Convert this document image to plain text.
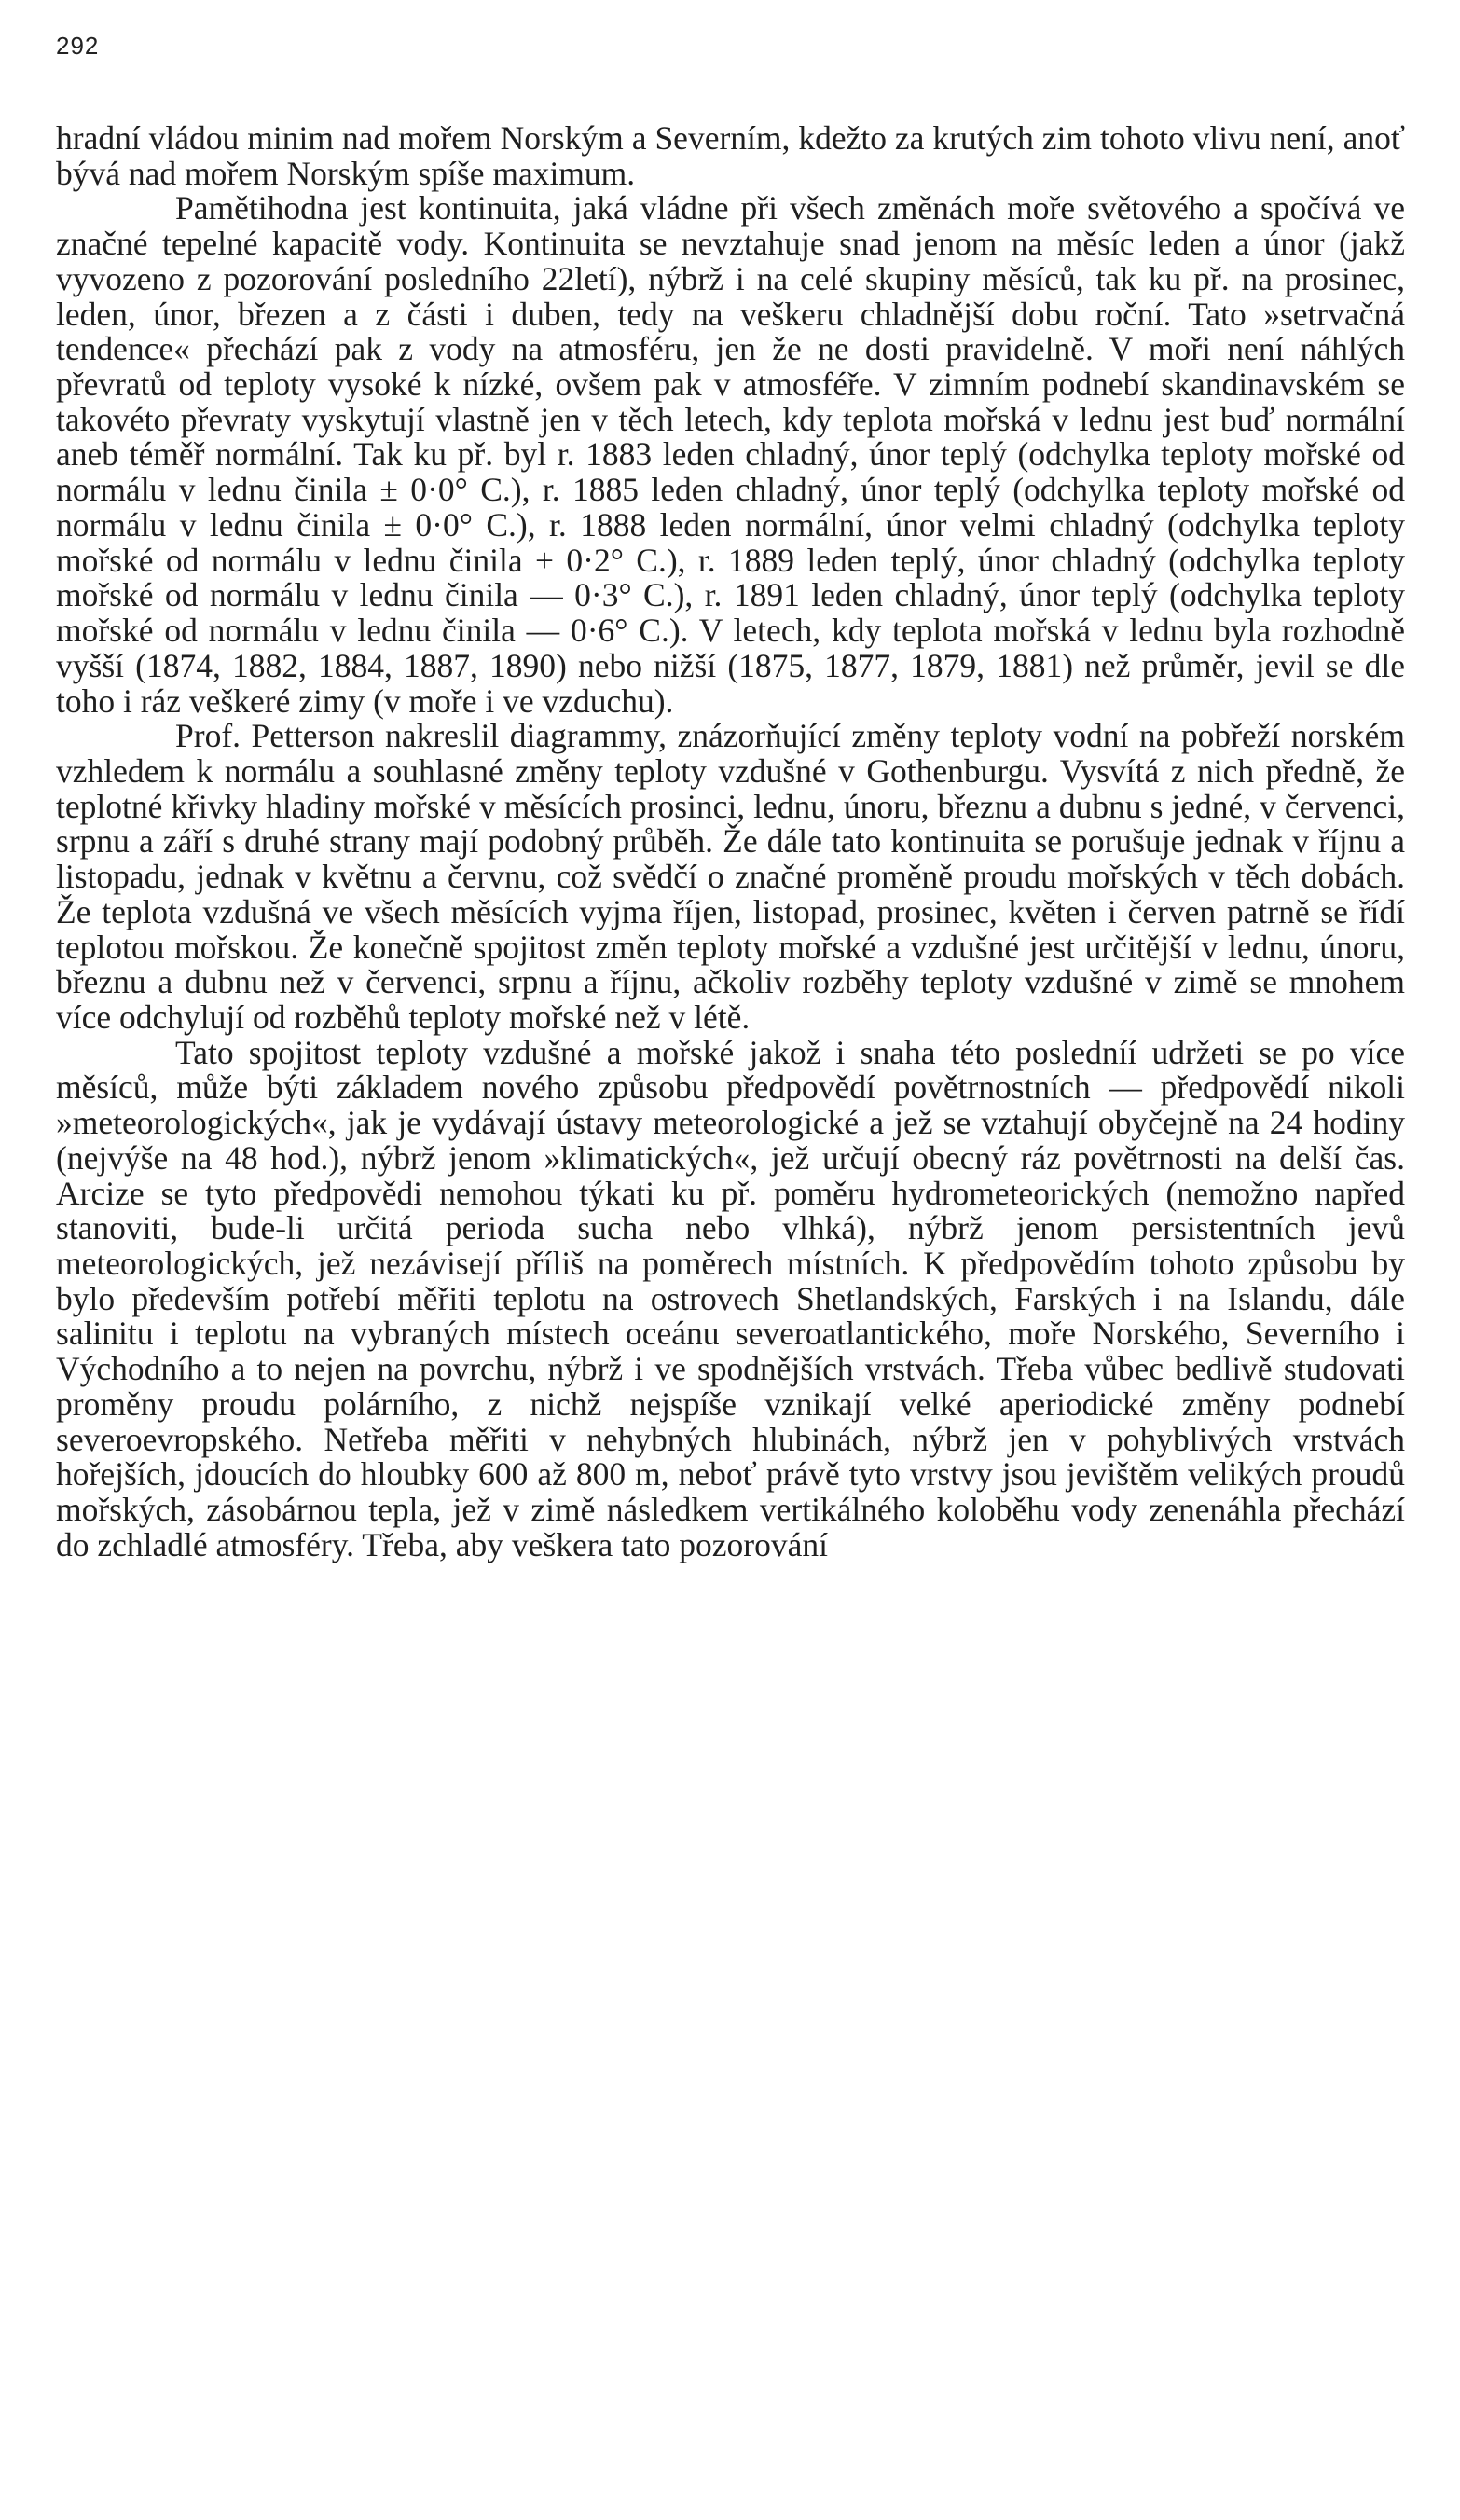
292

hradní vládou minim nad mořem Norským a Severním, kdežto za krutých zim tohoto vlivu není, anoť bývá nad mořem Norským spíše maximum.

Pamětihodna jest kontinuita, jaká vládne při všech změnách moře světového a spočívá ve značné tepelné kapacitě vody. Kontinuita se nevztahuje snad jenom na měsíc leden a únor (jakž vyvozeno z pozorování posledního 22letí), nýbrž i na celé skupiny měsíců, tak ku př. na prosinec, leden, únor, březen a z části i duben, tedy na veškeru chladnější dobu roční. Tato »setrvačná tendence« přechází pak z vody na atmosféru, jen že ne dosti pravidelně. V moři není náhlých převratů od teploty vysoké k nízké, ovšem pak v atmosféře. V zimním podnebí skandinavském se takovéto převraty vyskytují vlastně jen v těch letech, kdy teplota mořská v lednu jest buď normální aneb téměř normální. Tak ku př. byl r. 1883 leden chladný, únor teplý (odchylka teploty mořské od normálu v lednu činila ± 0·0° C.), r. 1885 leden chladný, únor teplý (odchylka teploty mořské od normálu v lednu činila ± 0·0° C.), r. 1888 leden normální, únor velmi chladný (odchylka teploty mořské od normálu v lednu činila + 0·2° C.), r. 1889 leden teplý, únor chladný (odchylka teploty mořské od normálu v lednu činila — 0·3° C.), r. 1891 leden chladný, únor teplý (odchylka teploty mořské od normálu v lednu činila — 0·6° C.). V letech, kdy teplota mořská v lednu byla rozhodně vyšší (1874, 1882, 1884, 1887, 1890) nebo nižší (1875, 1877, 1879, 1881) než průměr, jevil se dle toho i ráz veškeré zimy (v moře i ve vzduchu).

Prof. Petterson nakreslil diagrammy, znázorňující změny teploty vodní na pobřeží norském vzhledem k normálu a souhlasné změny teploty vzdušné v Gothenburgu. Vysvítá z nich předně, že teplotné křivky hladiny mořské v měsících prosinci, lednu, únoru, březnu a dubnu s jedné, v červenci, srpnu a září s druhé strany mají podobný průběh. Že dále tato kontinuita se porušuje jednak v říjnu a listopadu, jednak v květnu a červnu, což svědčí o značné proměně proudu mořských v těch dobách. Že teplota vzdušná ve všech měsících vyjma říjen, listopad, prosinec, květen i červen patrně se řídí teplotou mořskou. Že konečně spojitost změn teploty mořské a vzdušné jest určitější v lednu, únoru, březnu a dubnu než v červenci, srpnu a říjnu, ačkoliv rozběhy teploty vzdušné v zimě se mnohem více odchylují od rozběhů teploty mořské než v létě.

Tato spojitost teploty vzdušné a mořské jakož i snaha této posledníí udržeti se po více měsíců, může býti základem nového způsobu předpovědí povětrnostních — předpovědí nikoli »meteorologických«, jak je vydávají ústavy meteorologické a jež se vztahují obyčejně na 24 hodiny (nejvýše na 48 hod.), nýbrž jenom »klimatických«, jež určují obecný ráz povětrnosti na delší čas. Arcize se tyto předpovědi nemohou týkati ku př. poměru hydrometeorických (nemožno napřed stanoviti, bude-li určitá perioda sucha nebo vlhká), nýbrž jenom persistentních jevů meteorologických, jež nezávisejí příliš na poměrech místních. K předpovědím tohoto způsobu by bylo především potřebí měřiti teplotu na ostrovech Shetlandských, Farských i na Islandu, dále salinitu i teplotu na vybraných místech oceánu severoatlantického, moře Norského, Severního i Východního a to nejen na povrchu, nýbrž i ve spodnějších vrstvách. Třeba vůbec bedlivě studovati proměny proudu polárního, z nichž nejspíše vznikají velké aperiodické změny podnebí severoevropského. Netřeba měřiti v nehybných hlubinách, nýbrž jen v pohyblivých vrstvách hořejších, jdoucích do hloubky 600 až 800 m, neboť právě tyto vrstvy jsou jevištěm velikých proudů mořských, zásobárnou tepla, jež v zimě následkem vertikálného koloběhu vody zenenáhla přechází do zchladlé atmosféry. Třeba, aby veškera tato pozorování
